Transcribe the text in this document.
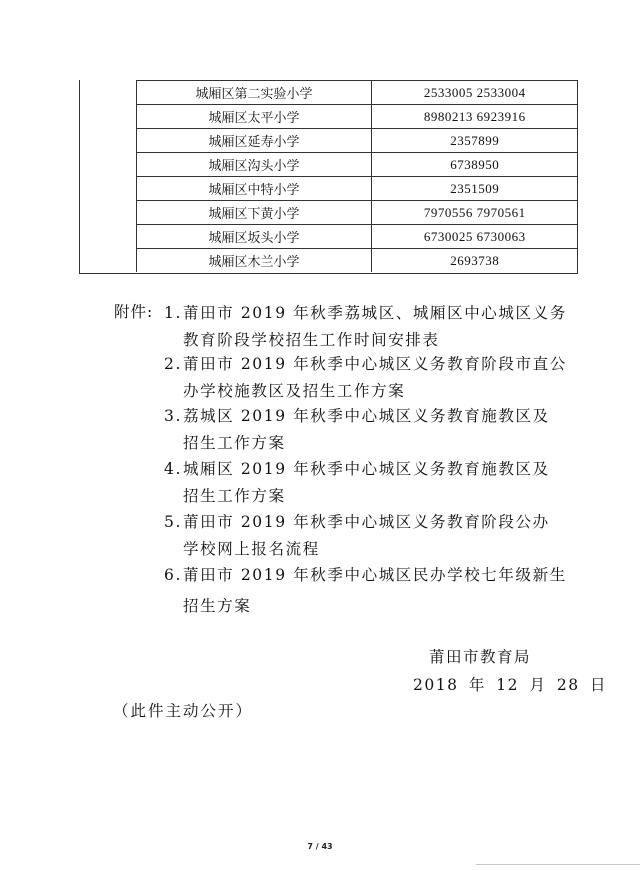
城厢区第二实验小学	2533005 2533004
城厢区太平小学	8980213 6923916
城厢区延寿小学	2357899
城厢区沟头小学	6738950
城厢区中特小学	2351509
城厢区下黄小学	7970556 7970561
城厢区坂头小学	6730025 6730063
城厢区木兰小学	2693738
附件: 1.莆田市 2019 年秋季荔城区、城厢区中心城区义务
教育阶段学校招生工作时间安排表
2.莆田市 2019 年秋季中心城区义务教育阶段市直公
办学校施教区及招生工作方案
3.荔城区 2019 年秋季中心城区义务教育施教区及
招生工作方案
4.城厢区 2019 年秋季中心城区义务教育施教区及
招生工作方案
5.莆田市 2019 年秋季中心城区义务教育阶段公办
学校网上报名流程
6.莆田市 2019 年秋季中心城区民办学校七年级新生
招生方案
莆田市教育局
2018 年 12 月 28 日
（此件主动公开）
7 / 43
